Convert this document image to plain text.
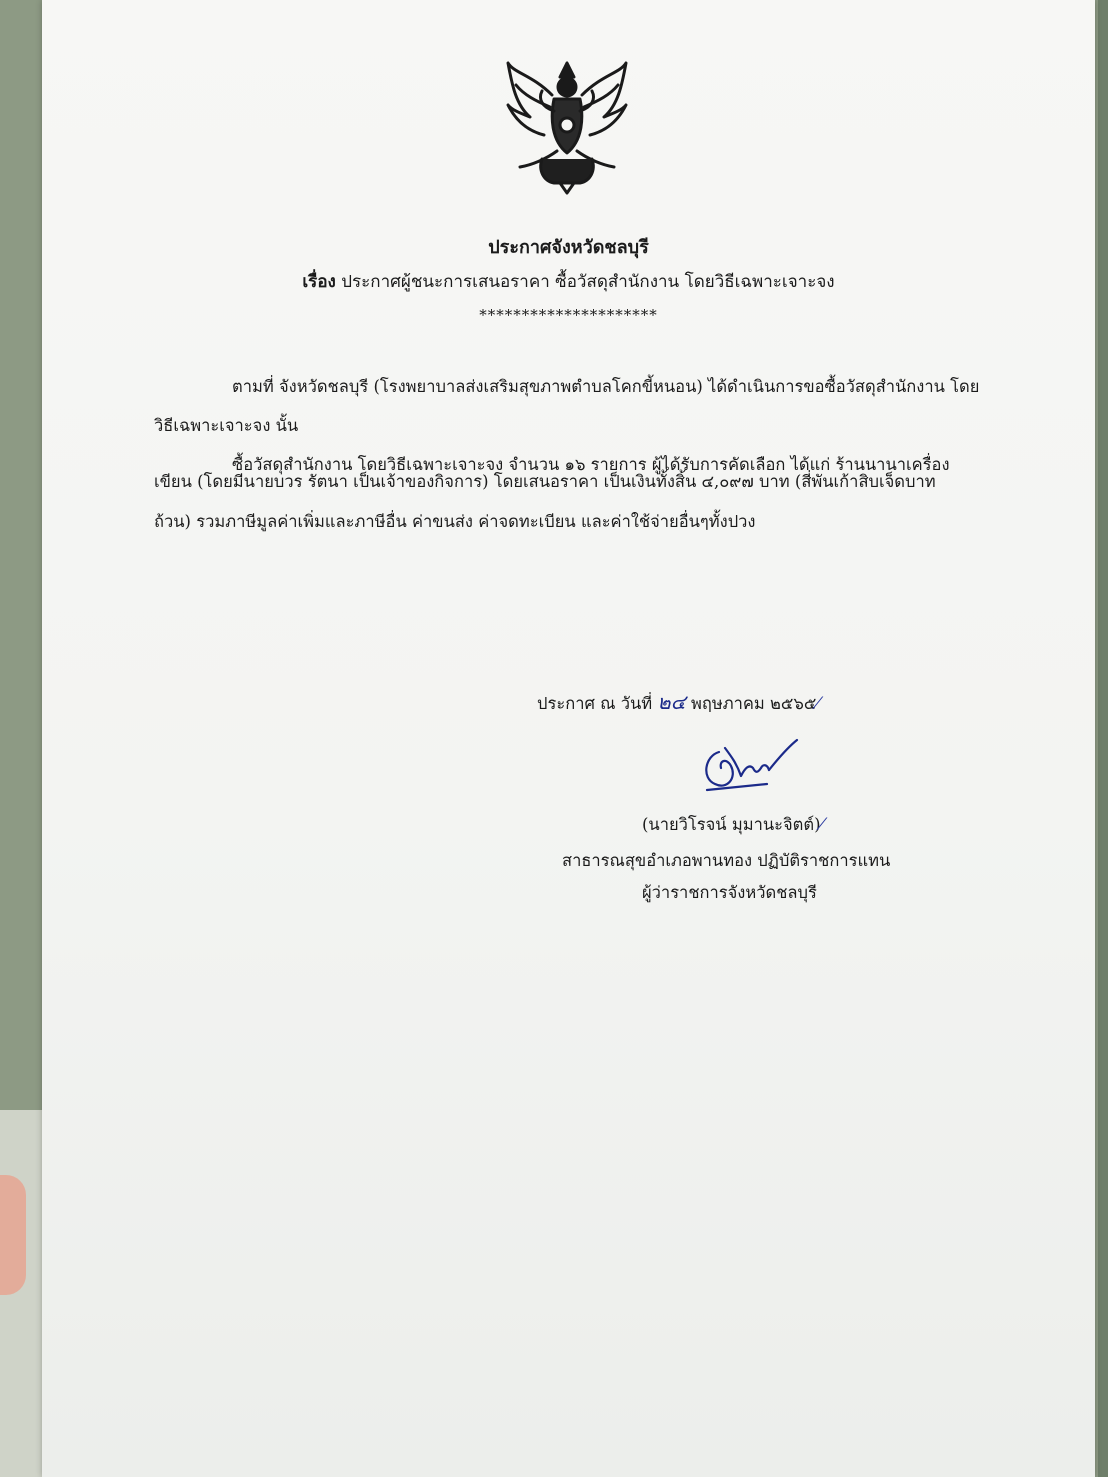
ประกาศจังหวัดชลบุรี
เรื่อง ประกาศผู้ชนะการเสนอราคา ซื้อวัสดุสำนักงาน โดยวิธีเฉพาะเจาะจง
*********************
ตามที่ จังหวัดชลบุรี (โรงพยาบาลส่งเสริมสุขภาพตำบลโคกขี้หนอน) ได้ดำเนินการขอซื้อวัสดุสำนักงาน โดย
วิธีเฉพาะเจาะจง นั้น
ซื้อวัสดุสำนักงาน โดยวิธีเฉพาะเจาะจง จำนวน ๑๖ รายการ ผู้ได้รับการคัดเลือก ได้แก่ ร้านนานาเครื่อง
เขียน (โดยมีนายบวร รัตนา เป็นเจ้าของกิจการ) โดยเสนอราคา เป็นเงินทั้งสิ้น ๔,๐๙๗ บาท (สี่พันเก้าสิบเจ็ดบาท
ถ้วน) รวมภาษีมูลค่าเพิ่มและภาษีอื่น ค่าขนส่ง ค่าจดทะเบียน และค่าใช้จ่ายอื่นๆทั้งปวง
ประกาศ ณ วันที่ ๒๔ พฤษภาคม ๒๕๖๕⁄
(นายวิโรจน์ มุมานะจิตต์)⁄
สาธารณสุขอำเภอพานทอง ปฏิบัติราชการแทน
ผู้ว่าราชการจังหวัดชลบุรี
